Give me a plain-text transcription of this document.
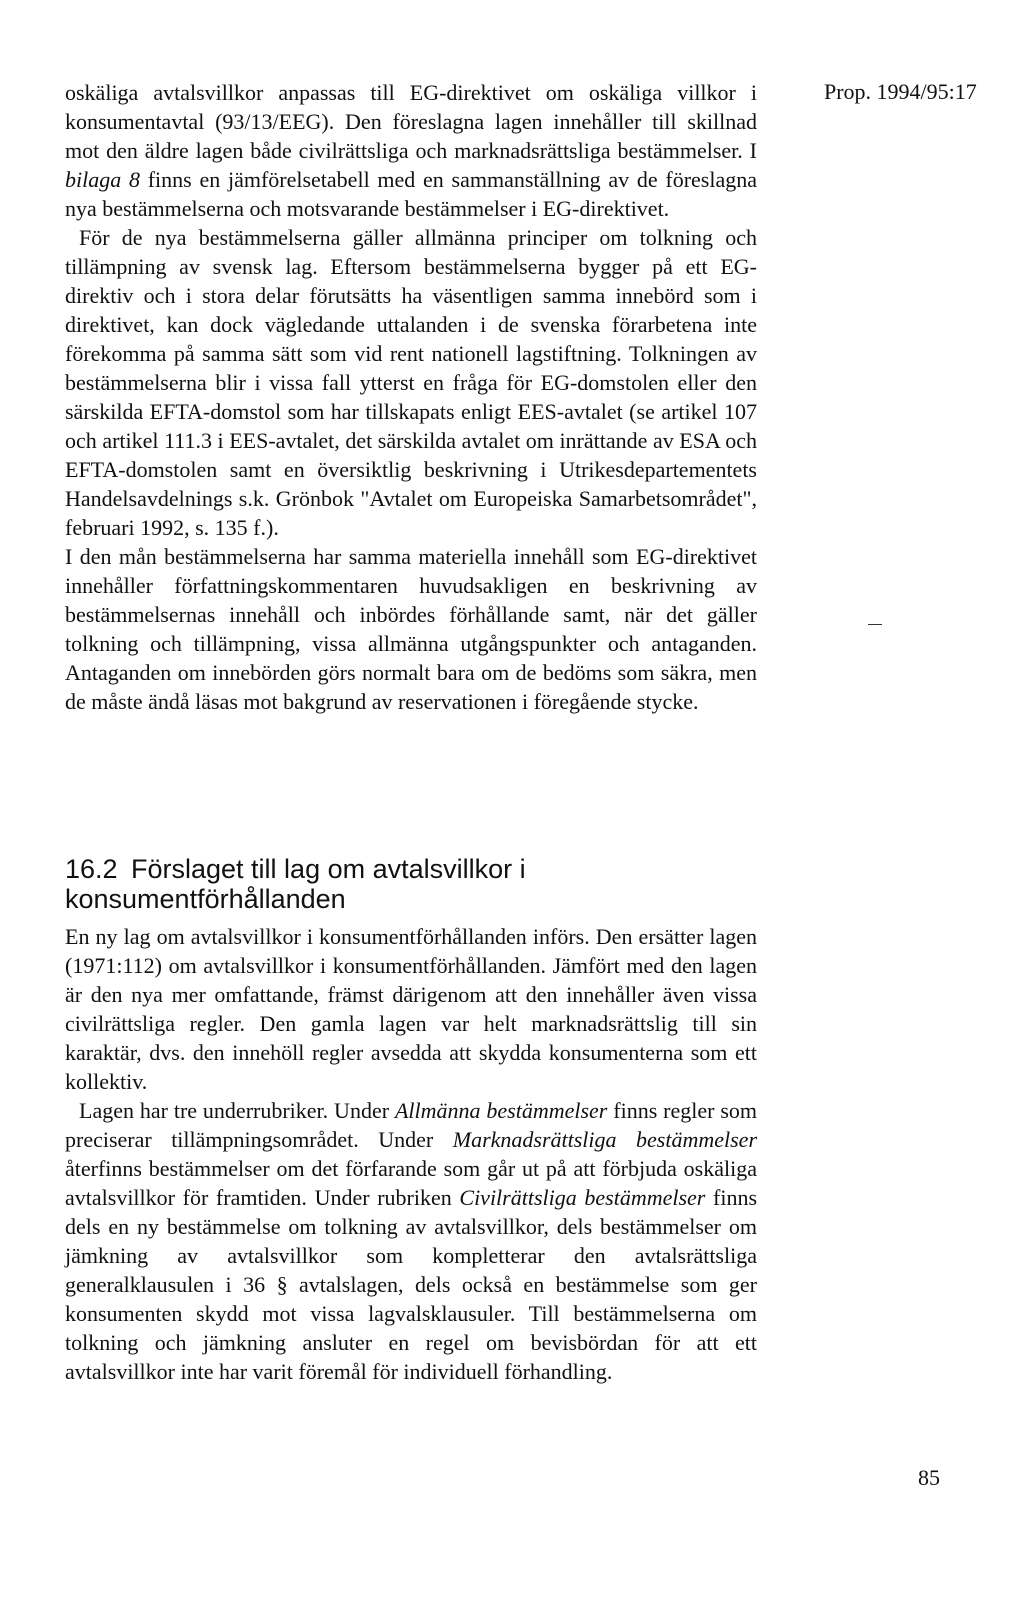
Prop. 1994/95:17

oskäliga avtalsvillkor anpassas till EG-direktivet om oskäliga villkor i konsumentavtal (93/13/EEG). Den föreslagna lagen innehåller till skillnad mot den äldre lagen både civilrättsliga och marknadsrättsliga bestämmelser. I bilaga 8 finns en jämförelsetabell med en sammanställning av de föreslagna nya bestämmelserna och motsvarande bestämmelser i EG-direktivet.

För de nya bestämmelserna gäller allmänna principer om tolkning och tillämpning av svensk lag. Eftersom bestämmelserna bygger på ett EG-direktiv och i stora delar förutsätts ha väsentligen samma innebörd som i direktivet, kan dock vägledande uttalanden i de svenska förarbetena inte förekomma på samma sätt som vid rent nationell lagstiftning. Tolkningen av bestämmelserna blir i vissa fall ytterst en fråga för EG-domstolen eller den särskilda EFTA-domstol som har tillskapats enligt EES-avtalet (se artikel 107 och artikel 111.3 i EES-avtalet, det särskilda avtalet om inrättande av ESA och EFTA-domstolen samt en översiktlig beskrivning i Utrikesdepartementets Handelsavdelnings s.k. Grönbok "Avtalet om Europeiska Samarbetsområdet", februari 1992, s. 135 f.).

I den mån bestämmelserna har samma materiella innehåll som EG-direktivet innehåller författningskommentaren huvudsakligen en beskrivning av bestämmelsernas innehåll och inbördes förhållande samt, när det gäller tolkning och tillämpning, vissa allmänna utgångspunkter och antaganden. Antaganden om innebörden görs normalt bara om de bedöms som säkra, men de måste ändå läsas mot bakgrund av reservationen i föregående stycke.

16.2 Förslaget till lag om avtalsvillkor i konsumentförhållanden

En ny lag om avtalsvillkor i konsumentförhållanden införs. Den ersätter lagen (1971:112) om avtalsvillkor i konsumentförhållanden. Jämfört med den lagen är den nya mer omfattande, främst därigenom att den innehåller även vissa civilrättsliga regler. Den gamla lagen var helt marknadsrättslig till sin karaktär, dvs. den innehöll regler avsedda att skydda konsumenterna som ett kollektiv.

Lagen har tre underrubriker. Under Allmänna bestämmelser finns regler som preciserar tillämpningsområdet. Under Marknadsrättsliga bestämmelser återfinns bestämmelser om det förfarande som går ut på att förbjuda oskäliga avtalsvillkor för framtiden. Under rubriken Civilrättsliga bestämmelser finns dels en ny bestämmelse om tolkning av avtalsvillkor, dels bestämmelser om jämkning av avtalsvillkor som kompletterar den avtalsrättsliga generalklausulen i 36 § avtalslagen, dels också en bestämmelse som ger konsumenten skydd mot vissa lagvalsklausuler. Till bestämmelserna om tolkning och jämkning ansluter en regel om bevisbördan för att ett avtalsvillkor inte har varit föremål för individuell förhandling.

85
